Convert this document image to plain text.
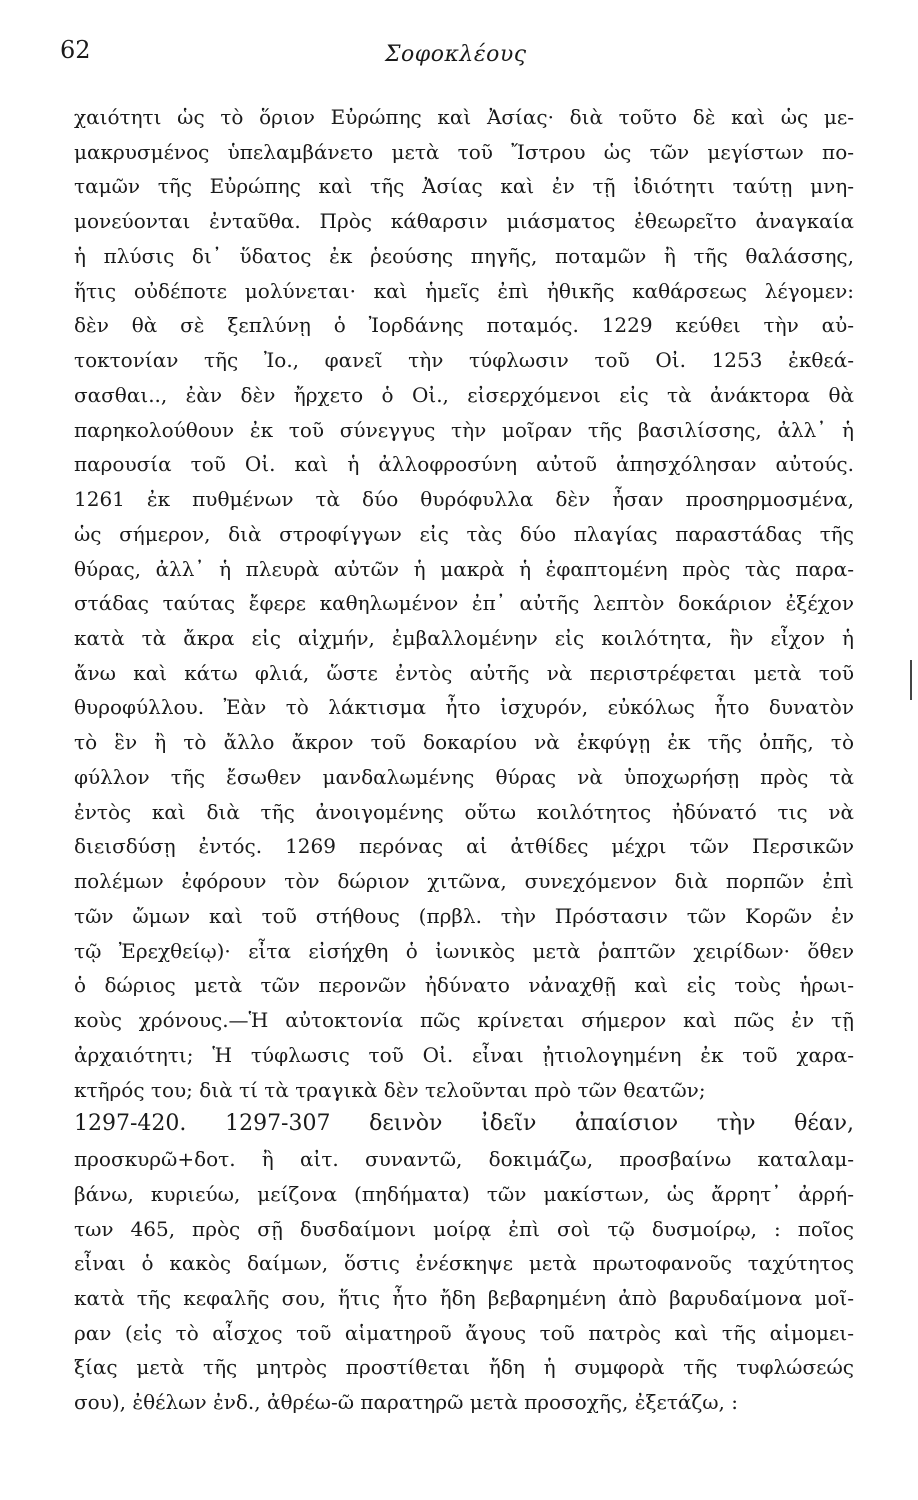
62	Σοφοκλέους
χαιότητι ὡς τὸ ὅριον Εὐρώπης καὶ Ἀσίας· διὰ τοῦτο δὲ καὶ ὡς με-
μακρυσμένος ὑπελαμβάνετο μετὰ τοῦ Ἴστρου ὡς τῶν μεγίστων πο-
ταμῶν τῆς Εὐρώπης καὶ τῆς Ἀσίας καὶ ἐν τῇ ἰδιότητι ταύτῃ μνη-
μονεύονται ἐνταῦθα. Πρὸς κάθαρσιν μιάσματος ἐθεωρεῖτο ἀναγκαία
ἡ πλύσις δι᾿ ὕδατος ἐκ ῥεούσης πηγῆς, ποταμῶν ἢ τῆς θαλάσσης,
ἥτις οὐδέποτε μολύνεται· καὶ ἡμεῖς ἐπὶ ἠθικῆς καθάρσεως λέγομεν:
δὲν θὰ σὲ ξεπλύνῃ ὁ Ἰορδάνης ποταμός. 1229 κεύθει τὴν αὐ-
τοκτονίαν τῆς Ἰο., φανεῖ τὴν τύφλωσιν τοῦ Οἰ. 1253 ἐκθεά-
σασθαι.., ἐὰν δὲν ἤρχετο ὁ Οἰ., εἰσερχόμενοι εἰς τὰ ἀνάκτορα θὰ
παρηκολούθουν ἐκ τοῦ σύνεγγυς τὴν μοῖραν τῆς βασιλίσσης, ἀλλ᾿ ἡ
παρουσία τοῦ Οἰ. καὶ ἡ ἀλλοφροσύνη αὐτοῦ ἀπησχόλησαν αὐτούς.
1261 ἐκ πυθμένων τὰ δύο θυρόφυλλα δὲν ἦσαν προσηρμοσμένα,
ὡς σήμερον, διὰ στροφίγγων εἰς τὰς δύο πλαγίας παραστάδας τῆς
θύρας, ἀλλ᾿ ἡ πλευρὰ αὐτῶν ἡ μακρὰ ἡ ἐφαπτομένη πρὸς τὰς παρα-
στάδας ταύτας ἔφερε καθηλωμένον ἐπ᾿ αὐτῆς λεπτὸν δοκάριον ἐξέχον
κατὰ τὰ ἄκρα εἰς αἰχμήν, ἐμβαλλομένην εἰς κοιλότητα, ἣν εἶχον ἡ
ἄνω καὶ κάτω φλιά, ὥστε ἐντὸς αὐτῆς νὰ περιστρέφεται μετὰ τοῦ
θυροφύλλου. Ἐὰν τὸ λάκτισμα ἦτο ἰσχυρόν, εὐκόλως ἦτο δυνατὸν
τὸ ἓν ἢ τὸ ἄλλο ἄκρον τοῦ δοκαρίου νὰ ἐκφύγῃ ἐκ τῆς ὀπῆς, τὸ
φύλλον τῆς ἔσωθεν μανδαλωμένης θύρας νὰ ὑποχωρήσῃ πρὸς τὰ
ἐντὸς καὶ διὰ τῆς ἀνοιγομένης οὕτω κοιλότητος ἠδύνατό τις νὰ
διεισδύσῃ ἐντός. 1269 περόνας αἱ ἀτθίδες μέχρι τῶν Περσικῶν
πολέμων ἐφόρουν τὸν δώριον χιτῶνα, συνεχόμενον διὰ πορπῶν ἐπὶ
τῶν ὤμων καὶ τοῦ στήθους (πρβλ. τὴν Πρόστασιν τῶν Κορῶν ἐν
τῷ Ἐρεχθείῳ)· εἶτα εἰσήχθη ὁ ἰωνικὸς μετὰ ῥαπτῶν χειρίδων· ὅθεν
ὁ δώριος μετὰ τῶν περονῶν ἠδύνατο νἀναχθῇ καὶ εἰς τοὺς ἡρωι-
κοὺς χρόνους.—Ἡ αὐτοκτονία πῶς κρίνεται σήμερον καὶ πῶς ἐν τῇ
ἀρχαιότητι; Ἡ τύφλωσις τοῦ Οἰ. εἶναι ᾐτιολογημένη ἐκ τοῦ χαρα-
κτῆρός του; διὰ τί τὰ τραγικὰ δὲν τελοῦνται πρὸ τῶν θεατῶν;
1297-420. 1297-307 δεινὸν ἰδεῖν ἀπαίσιον τὴν θέαν,
προσκυρῶ+δοτ. ἢ αἰτ. συναντῶ, δοκιμάζω, προσβαίνω καταλαμ-
βάνω, κυριεύω, μείζονα (πηδήματα) τῶν μακίστων, ὡς ἄρρητ᾿ ἀρρή-
των 465, πρὸς σῇ δυσδαίμονι μοίρᾳ ἐπὶ σοὶ τῷ δυσμοίρῳ, : ποῖος
εἶναι ὁ κακὸς δαίμων, ὅστις ἐνέσκηψε μετὰ πρωτοφανοῦς ταχύτητος
κατὰ τῆς κεφαλῆς σου, ἥτις ἦτο ἤδη βεβαρημένη ἀπὸ βαρυδαίμονα μοῖ-
ραν (εἰς τὸ αἶσχος τοῦ αἱματηροῦ ἄγους τοῦ πατρὸς καὶ τῆς αἱμομει-
ξίας μετὰ τῆς μητρὸς προστίθεται ἤδη ἡ συμφορὰ τῆς τυφλώσεώς
σου), ἐθέλων ἐνδ., ἀθρέω-ῶ παρατηρῶ μετὰ προσοχῆς, ἐξετάζω, :
